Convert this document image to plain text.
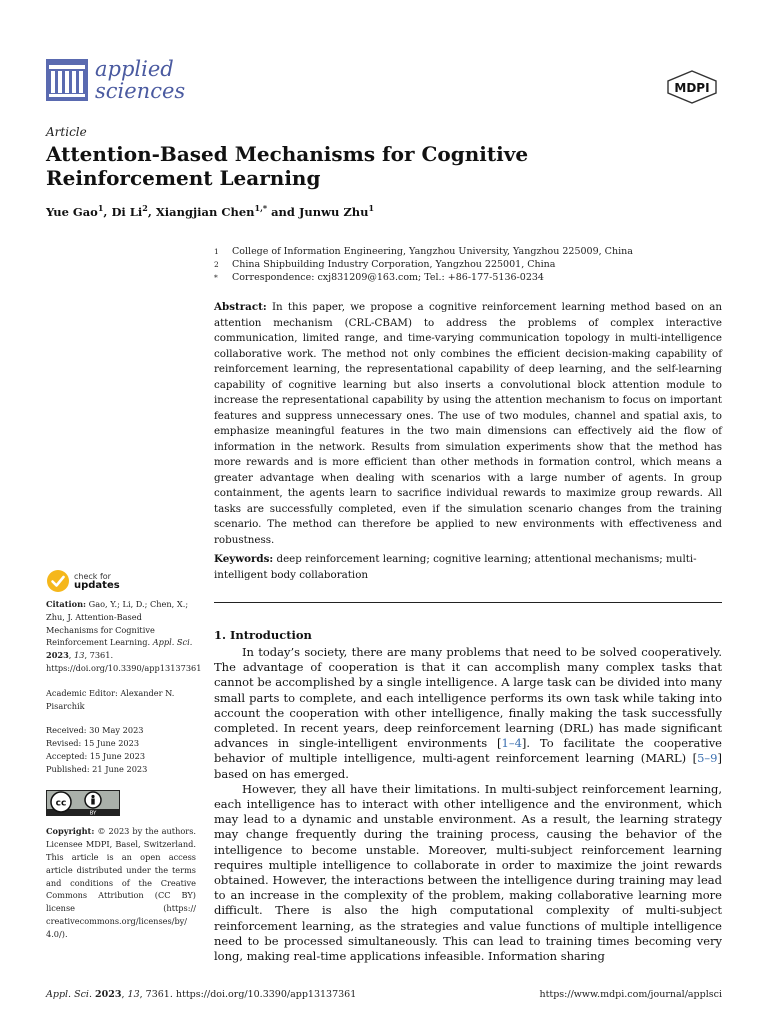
applied
sciences	MDPI
Article
Attention-Based Mechanisms for Cognitive Reinforcement Learning
Yue Gao$^1$, Di Li$^2$, Xiangjian Chen$^{1,*}$ and Junwu Zhu$^1$
1	College of Information Engineering, Yangzhou University, Yangzhou 225009, China
2	China Shipbuilding Industry Corporation, Yangzhou 225001, China
*	Correspondence: cxj831209@163.com; Tel.: +86-177-5136-0234
Abstract: In this paper, we propose a cognitive reinforcement learning method based on an attention mechanism (CRL-CBAM) to address the problems of complex interactive communication, limited range, and time-varying communication topology in multi-intelligence collaborative work. The method not only combines the efficient decision-making capability of reinforcement learning, the representational capability of deep learning, and the self-learning capability of cognitive learning but also inserts a convolutional block attention module to increase the representational capability by using the attention mechanism to focus on important features and suppress unnecessary ones. The use of two modules, channel and spatial axis, to emphasize meaningful features in the two main dimensions can effectively aid the flow of information in the network. Results from simulation experiments show that the method has more rewards and is more efficient than other methods in formation control, which means a greater advantage when dealing with scenarios with a large number of agents. In group containment, the agents learn to sacrifice individual rewards to maximize group rewards. All tasks are successfully completed, even if the simulation scenario changes from the training scenario. The method can therefore be applied to new environments with effectiveness and robustness.
Keywords: deep reinforcement learning; cognitive learning; attentional mechanisms; multi-intelligent body collaboration
check for
updates
Citation: Gao, Y.; Li, D.; Chen, X.; Zhu, J. Attention-Based Mechanisms for Cognitive Reinforcement Learning. Appl. Sci. 2023, 13, 7361. https://doi.org/10.3390/app13137361
Academic Editor: Alexander N. Pisarchik
Received: 30 May 2023
Revised: 15 June 2023
Accepted: 15 June 2023
Published: 21 June 2023
cc
BY
Copyright: © 2023 by the authors. Licensee MDPI, Basel, Switzerland. This article is an open access article distributed under the terms and conditions of the Creative Commons Attribution (CC BY) license (https:// creativecommons.org/licenses/by/ 4.0/).
1. Introduction

In today’s society, there are many problems that need to be solved cooperatively. The advantage of cooperation is that it can accomplish many complex tasks that cannot be accomplished by a single intelligence. A large task can be divided into many small parts to complete, and each intelligence performs its own task while taking into account the cooperation with other intelligence, finally making the task successfully completed. In recent years, deep reinforcement learning (DRL) has made significant advances in single-intelligent environments [1–4]. To facilitate the cooperative behavior of multiple intelligence, multi-agent reinforcement learning (MARL) [5–9] based on has emerged.

However, they all have their limitations. In multi-subject reinforcement learning, each intelligence has to interact with other intelligence and the environment, which may lead to a dynamic and unstable environment. As a result, the learning strategy may change frequently during the training process, causing the behavior of the intelligence to become unstable. Moreover, multi-subject reinforcement learning requires multiple intelligence to collaborate in order to maximize the joint rewards obtained. However, the interactions between the intelligence during training may lead to an increase in the complexity of the problem, making collaborative learning more difficult. There is also the high computational complexity of multi-subject reinforcement learning, as the strategies and value functions of multiple intelligence need to be processed simultaneously. This can lead to training times becoming very long, making real-time applications infeasible. Information sharing

Appl. Sci. 2023, 13, 7361. https://doi.org/10.3390/app13137361	https://www.mdpi.com/journal/applsci
